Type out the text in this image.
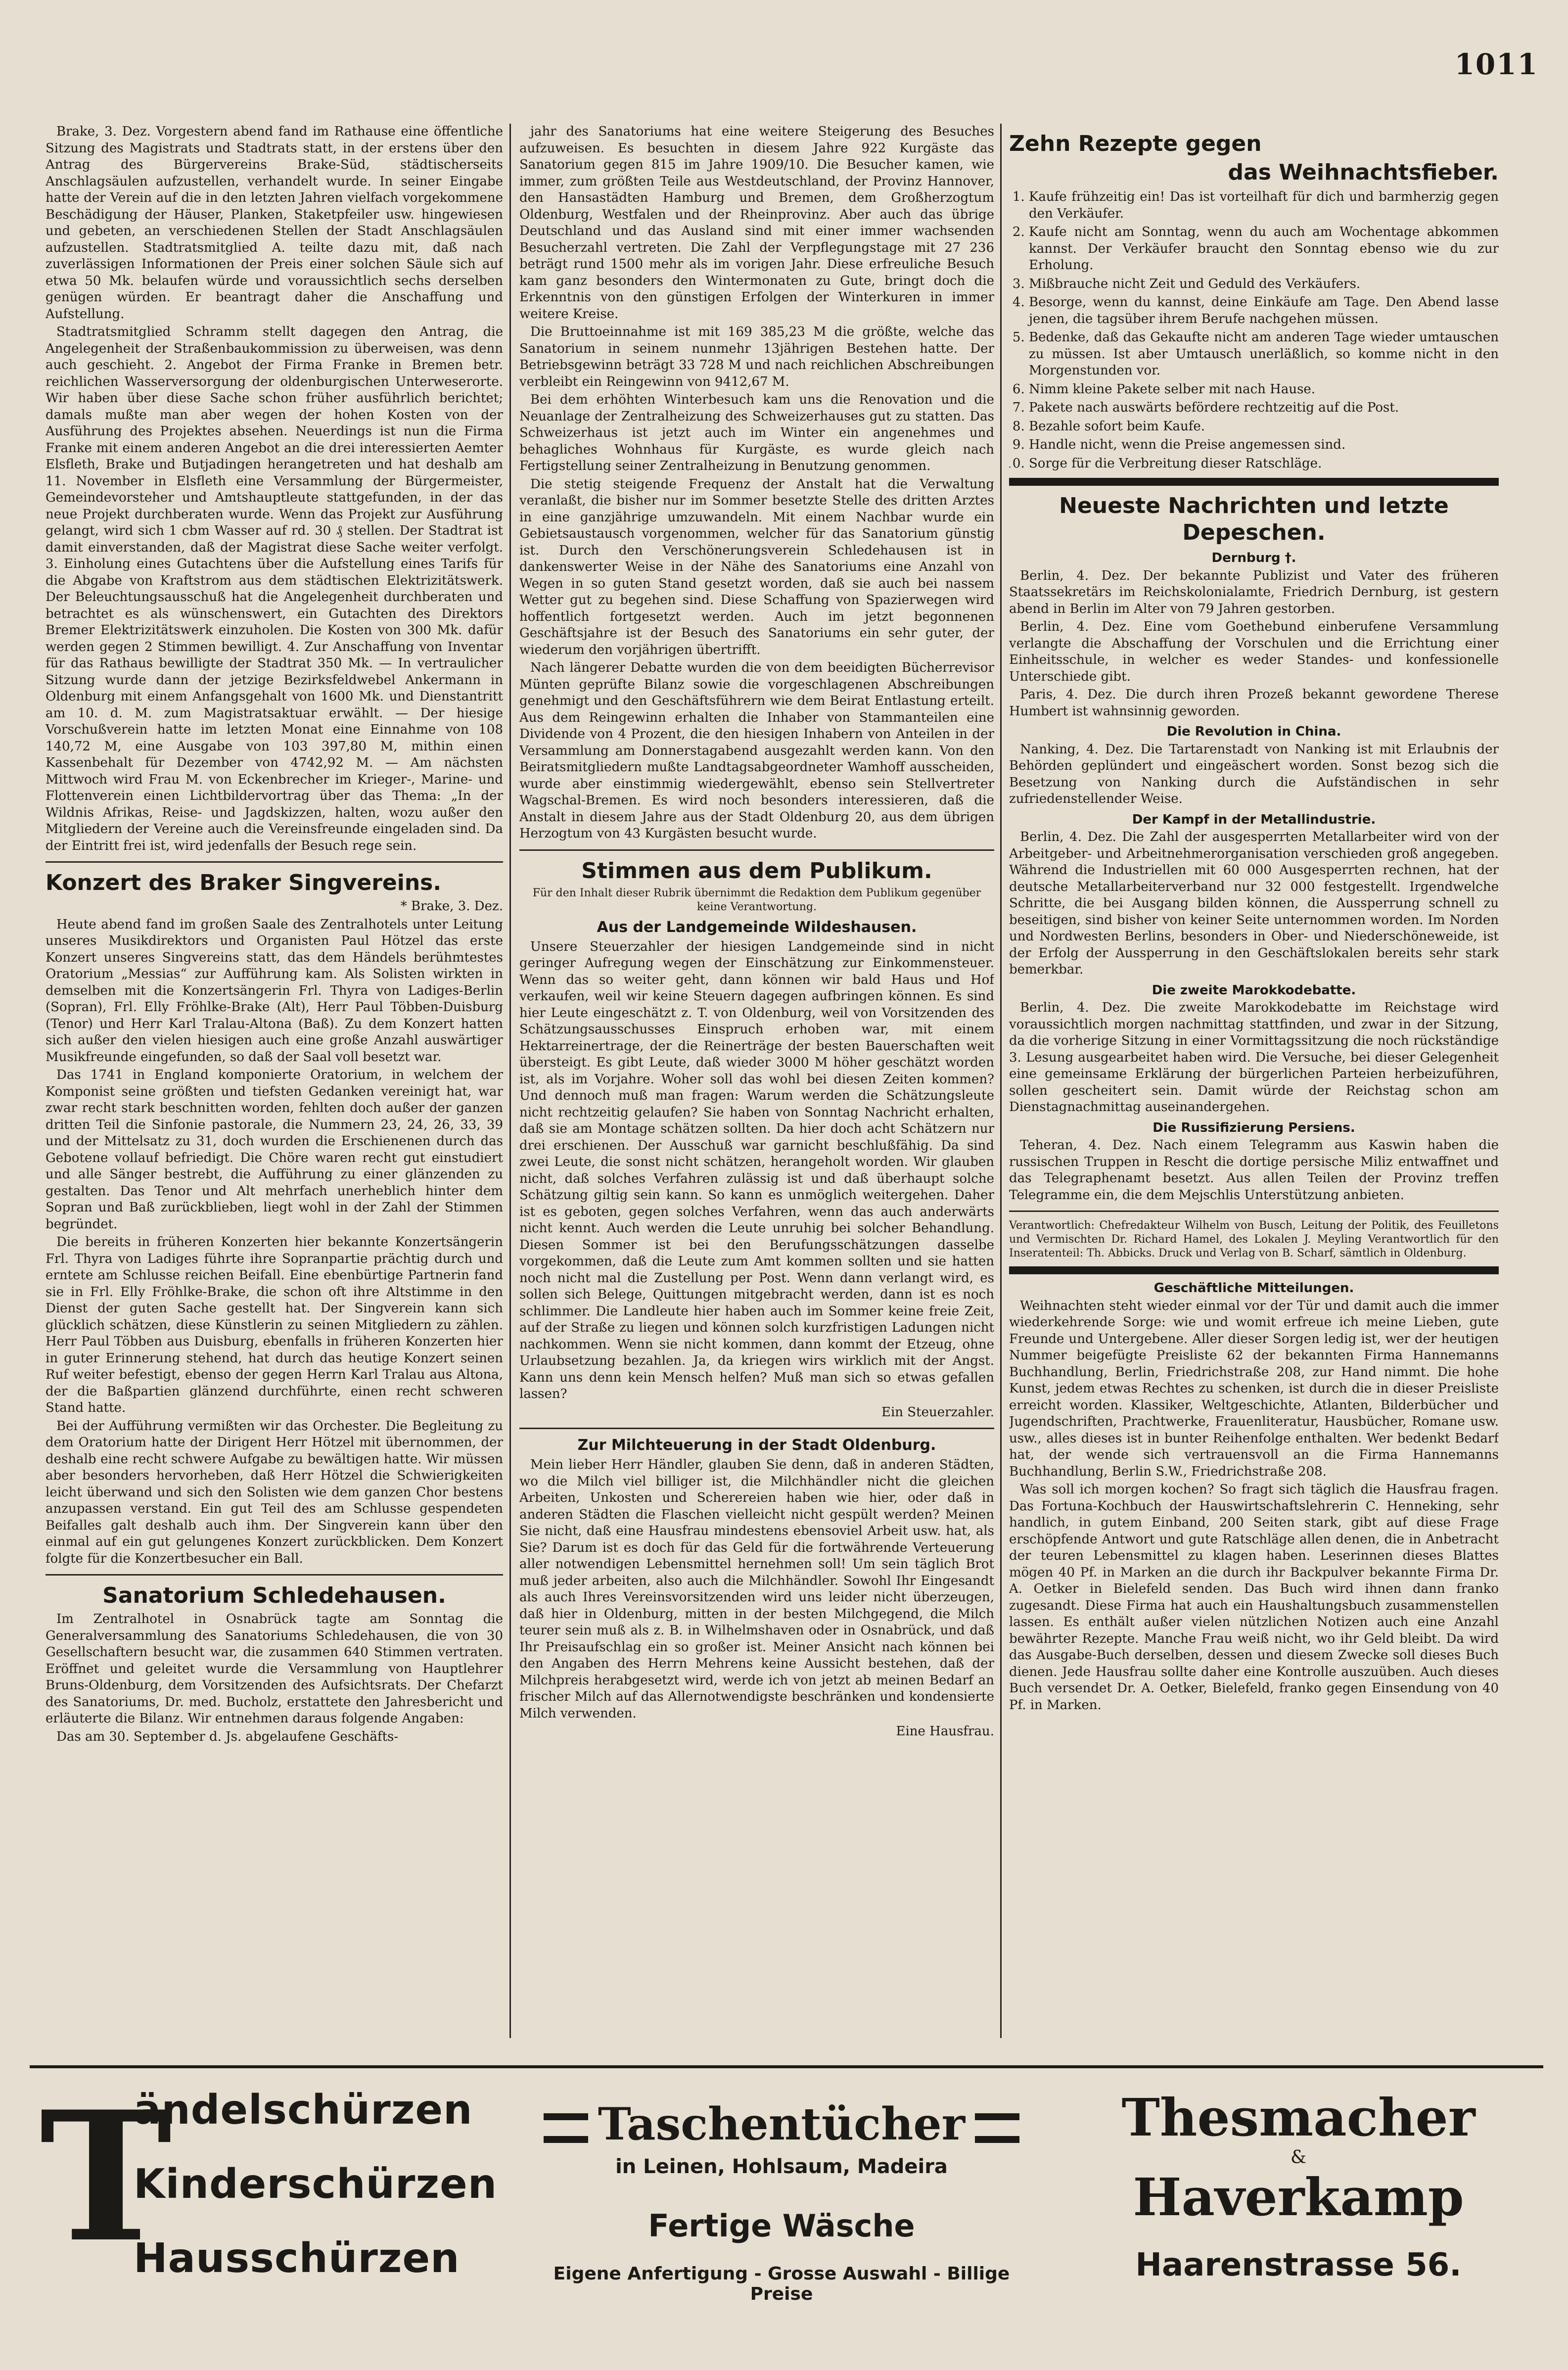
1011

Brake, 3. Dez. Vorgestern abend fand im Rathause eine öffentliche Sitzung des Magistrats und Stadtrats statt, in der erstens über den Antrag des Bürgervereins Brake-Süd, städtischerseits Anschlagsäulen aufzustellen, verhandelt wurde. In seiner Eingabe hatte der Verein auf die in den letzten Jahren vielfach vorgekommene Beschädigung der Häuser, Planken, Staketpfeiler usw. hingewiesen und gebeten, an verschiedenen Stellen der Stadt Anschlagsäulen aufzustellen. Stadtratsmitglied A. teilte dazu mit, daß nach zuverlässigen Informationen der Preis einer solchen Säule sich auf etwa 50 Mk. belaufen würde und voraussichtlich sechs derselben genügen würden. Er beantragt daher die Anschaffung und Aufstellung.

Stadtratsmitglied Schramm stellt dagegen den Antrag, die Angelegenheit der Straßenbaukommission zu überweisen, was denn auch geschieht. 2. Angebot der Firma Franke in Bremen betr. reichlichen Wasserversorgung der oldenburgischen Unterweserorte. Wir haben über diese Sache schon früher ausführlich berichtet; damals mußte man aber wegen der hohen Kosten von der Ausführung des Projektes absehen. Neuerdings ist nun die Firma Franke mit einem anderen Angebot an die drei interessierten Aemter Elsfleth, Brake und Butjadingen herangetreten und hat deshalb am 11. November in Elsfleth eine Versammlung der Bürgermeister, Gemeindevorsteher und Amtshauptleute stattgefunden, in der das neue Projekt durchberaten wurde. Wenn das Projekt zur Ausführung gelangt, wird sich 1 cbm Wasser auf rd. 30 ₰ stellen. Der Stadtrat ist damit einverstanden, daß der Magistrat diese Sache weiter verfolgt. 3. Einholung eines Gutachtens über die Aufstellung eines Tarifs für die Abgabe von Kraftstrom aus dem städtischen Elektrizitätswerk. Der Beleuchtungsausschuß hat die Angelegenheit durchberaten und betrachtet es als wünschenswert, ein Gutachten des Direktors Bremer Elektrizitätswerk einzuholen. Die Kosten von 300 Mk. dafür werden gegen 2 Stimmen bewilligt. 4. Zur Anschaffung von Inventar für das Rathaus bewilligte der Stadtrat 350 Mk. — In vertraulicher Sitzung wurde dann der jetzige Bezirksfeldwebel Ankermann in Oldenburg mit einem Anfangsgehalt von 1600 Mk. und Dienstantritt am 10. d. M. zum Magistratsaktuar erwählt. — Der hiesige Vorschußverein hatte im letzten Monat eine Einnahme von 108 140,72 M, eine Ausgabe von 103 397,80 M, mithin einen Kassenbehalt für Dezember von 4742,92 M. — Am nächsten Mittwoch wird Frau M. von Eckenbrecher im Krieger-, Marine- und Flottenverein einen Lichtbildervortrag über das Thema: „In der Wildnis Afrikas, Reise- und Jagdskizzen, halten, wozu außer den Mitgliedern der Vereine auch die Vereinsfreunde eingeladen sind. Da der Eintritt frei ist, wird jedenfalls der Besuch rege sein.

Konzert des Braker Singvereins.

* Brake, 3. Dez.

Heute abend fand im großen Saale des Zentralhotels unter Leitung unseres Musikdirektors und Organisten Paul Hötzel das erste Konzert unseres Singvereins statt, das dem Händels berühmtestes Oratorium „Messias“ zur Aufführung kam. Als Solisten wirkten in demselben mit die Konzertsängerin Frl. Thyra von Ladiges-Berlin (Sopran), Frl. Elly Fröhlke-Brake (Alt), Herr Paul Többen-Duisburg (Tenor) und Herr Karl Tralau-Altona (Baß). Zu dem Konzert hatten sich außer den vielen hiesigen auch eine große Anzahl auswärtiger Musikfreunde eingefunden, so daß der Saal voll besetzt war.

Das 1741 in England komponierte Oratorium, in welchem der Komponist seine größten und tiefsten Gedanken vereinigt hat, war zwar recht stark beschnitten worden, fehlten doch außer der ganzen dritten Teil die Sinfonie pastorale, die Nummern 23, 24, 26, 33, 39 und der Mittelsatz zu 31, doch wurden die Erschienenen durch das Gebotene vollauf befriedigt. Die Chöre waren recht gut einstudiert und alle Sänger bestrebt, die Aufführung zu einer glänzenden zu gestalten. Das Tenor und Alt mehrfach unerheblich hinter dem Sopran und Baß zurückblieben, liegt wohl in der Zahl der Stimmen begründet.

Die bereits in früheren Konzerten hier bekannte Konzertsängerin Frl. Thyra von Ladiges führte ihre Sopranpartie prächtig durch und erntete am Schlusse reichen Beifall. Eine ebenbürtige Partnerin fand sie in Frl. Elly Fröhlke-Brake, die schon oft ihre Altstimme in den Dienst der guten Sache gestellt hat. Der Singverein kann sich glücklich schätzen, diese Künstlerin zu seinen Mitgliedern zu zählen. Herr Paul Többen aus Duisburg, ebenfalls in früheren Konzerten hier in guter Erinnerung stehend, hat durch das heutige Konzert seinen Ruf weiter befestigt, ebenso der gegen Herrn Karl Tralau aus Altona, der die Baßpartien glänzend durchführte, einen recht schweren Stand hatte.

Bei der Aufführung vermißten wir das Orchester. Die Begleitung zu dem Oratorium hatte der Dirigent Herr Hötzel mit übernommen, der deshalb eine recht schwere Aufgabe zu bewältigen hatte. Wir müssen aber besonders hervorheben, daß Herr Hötzel die Schwierigkeiten leicht überwand und sich den Solisten wie dem ganzen Chor bestens anzupassen verstand. Ein gut Teil des am Schlusse gespendeten Beifalles galt deshalb auch ihm. Der Singverein kann über den einmal auf ein gut gelungenes Konzert zurückblicken. Dem Konzert folgte für die Konzertbesucher ein Ball.

Sanatorium Schledehausen.

Im Zentralhotel in Osnabrück tagte am Sonntag die Generalversammlung des Sanatoriums Schledehausen, die von 30 Gesellschaftern besucht war, die zusammen 640 Stimmen vertraten. Eröffnet und geleitet wurde die Versammlung von Hauptlehrer Bruns-Oldenburg, dem Vorsitzenden des Aufsichtsrats. Der Chefarzt des Sanatoriums, Dr. med. Bucholz, erstattete den Jahresbericht und erläuterte die Bilanz. Wir entnehmen daraus folgende Angaben:

Das am 30. September d. Js. abgelaufene Geschäfts-

jahr des Sanatoriums hat eine weitere Steigerung des Besuches aufzuweisen. Es besuchten in diesem Jahre 922 Kurgäste das Sanatorium gegen 815 im Jahre 1909/10. Die Besucher kamen, wie immer, zum größten Teile aus Westdeutschland, der Provinz Hannover, den Hansastädten Hamburg und Bremen, dem Großherzogtum Oldenburg, Westfalen und der Rheinprovinz. Aber auch das übrige Deutschland und das Ausland sind mit einer immer wachsenden Besucherzahl vertreten. Die Zahl der Verpflegungstage mit 27 236 beträgt rund 1500 mehr als im vorigen Jahr. Diese erfreuliche Besuch kam ganz besonders den Wintermonaten zu Gute, bringt doch die Erkenntnis von den günstigen Erfolgen der Winterkuren in immer weitere Kreise.

Die Bruttoeinnahme ist mit 169 385,23 M die größte, welche das Sanatorium in seinem nunmehr 13jährigen Bestehen hatte. Der Betriebsgewinn beträgt 33 728 M und nach reichlichen Abschreibungen verbleibt ein Reingewinn von 9412,67 M.

Bei dem erhöhten Winterbesuch kam uns die Renovation und die Neuanlage der Zentralheizung des Schweizerhauses gut zu statten. Das Schweizerhaus ist jetzt auch im Winter ein angenehmes und behagliches Wohnhaus für Kurgäste, es wurde gleich nach Fertigstellung seiner Zentralheizung in Benutzung genommen.

Die stetig steigende Frequenz der Anstalt hat die Verwaltung veranlaßt, die bisher nur im Sommer besetzte Stelle des dritten Arztes in eine ganzjährige umzuwandeln. Mit einem Nachbar wurde ein Gebietsaustausch vorgenommen, welcher für das Sanatorium günstig ist. Durch den Verschönerungsverein Schledehausen ist in dankenswerter Weise in der Nähe des Sanatoriums eine Anzahl von Wegen in so guten Stand gesetzt worden, daß sie auch bei nassem Wetter gut zu begehen sind. Diese Schaffung von Spazierwegen wird hoffentlich fortgesetzt werden. Auch im jetzt begonnenen Geschäftsjahre ist der Besuch des Sanatoriums ein sehr guter, der wiederum den vorjährigen übertrifft.

Nach längerer Debatte wurden die von dem beeidigten Bücherrevisor Münten geprüfte Bilanz sowie die vorgeschlagenen Abschreibungen genehmigt und den Geschäftsführern wie dem Beirat Entlastung erteilt. Aus dem Reingewinn erhalten die Inhaber von Stammanteilen eine Dividende von 4 Prozent, die den hiesigen Inhabern von Anteilen in der Versammlung am Donnerstagabend ausgezahlt werden kann. Von den Beiratsmitgliedern mußte Landtagsabgeordneter Wamhoff ausscheiden, wurde aber einstimmig wiedergewählt, ebenso sein Stellvertreter Wagschal-Bremen. Es wird noch besonders interessieren, daß die Anstalt in diesem Jahre aus der Stadt Oldenburg 20, aus dem übrigen Herzogtum von 43 Kurgästen besucht wurde.

Stimmen aus dem Publikum.

Für den Inhalt dieser Rubrik übernimmt die Redaktion dem Publikum gegenüber keine Verantwortung.

Aus der Landgemeinde Wildeshausen.

Unsere Steuerzahler der hiesigen Landgemeinde sind in nicht geringer Aufregung wegen der Einschätzung zur Einkommensteuer. Wenn das so weiter geht, dann können wir bald Haus und Hof verkaufen, weil wir keine Steuern dagegen aufbringen können. Es sind hier Leute eingeschätzt z. T. von Oldenburg, weil von Vorsitzenden des Schätzungsausschusses Einspruch erhoben war, mit einem Hektarreinertrage, der die Reinerträge der besten Bauerschaften weit übersteigt. Es gibt Leute, daß wieder 3000 M höher geschätzt worden ist, als im Vorjahre. Woher soll das wohl bei diesen Zeiten kommen? Und dennoch muß man fragen: Warum werden die Schätzungsleute nicht rechtzeitig gelaufen? Sie haben von Sonntag Nachricht erhalten, daß sie am Montage schätzen sollten. Da hier doch acht Schätzern nur drei erschienen. Der Ausschuß war garnicht beschlußfähig. Da sind zwei Leute, die sonst nicht schätzen, herangeholt worden. Wir glauben nicht, daß solches Verfahren zulässig ist und daß überhaupt solche Schätzung giltig sein kann. So kann es unmöglich weitergehen. Daher ist es geboten, gegen solches Verfahren, wenn das auch anderwärts nicht kennt. Auch werden die Leute unruhig bei solcher Behandlung. Diesen Sommer ist bei den Berufungsschätzungen dasselbe vorgekommen, daß die Leute zum Amt kommen sollten und sie hatten noch nicht mal die Zustellung per Post. Wenn dann verlangt wird, es sollen sich Belege, Quittungen mitgebracht werden, dann ist es noch schlimmer. Die Landleute hier haben auch im Sommer keine freie Zeit, auf der Straße zu liegen und können solch kurzfristigen Ladungen nicht nachkommen. Wenn sie nicht kommen, dann kommt der Etzeug, ohne Urlaubsetzung bezahlen. Ja, da kriegen wirs wirklich mit der Angst. Kann uns denn kein Mensch helfen? Muß man sich so etwas gefallen lassen?

Ein Steuerzahler.

Zur Milchteuerung in der Stadt Oldenburg.

Mein lieber Herr Händler, glauben Sie denn, daß in anderen Städten, wo die Milch viel billiger ist, die Milchhändler nicht die gleichen Arbeiten, Unkosten und Scherereien haben wie hier, oder daß in anderen Städten die Flaschen vielleicht nicht gespült werden? Meinen Sie nicht, daß eine Hausfrau mindestens ebensoviel Arbeit usw. hat, als Sie? Darum ist es doch für das Geld für die fortwährende Verteuerung aller notwendigen Lebensmittel hernehmen soll! Um sein täglich Brot muß jeder arbeiten, also auch die Milchhändler. Sowohl Ihr Eingesandt als auch Ihres Vereinsvorsitzenden wird uns leider nicht überzeugen, daß hier in Oldenburg, mitten in der besten Milchgegend, die Milch teurer sein muß als z. B. in Wilhelmshaven oder in Osnabrück, und daß Ihr Preisaufschlag ein so großer ist. Meiner Ansicht nach können bei den Angaben des Herrn Mehrens keine Aussicht bestehen, daß der Milchpreis herabgesetzt wird, werde ich von jetzt ab meinen Bedarf an frischer Milch auf das Allernotwendigste beschränken und kondensierte Milch verwenden.

Eine Hausfrau.

Zehn Rezepte gegen
das Weihnachtsfieber.
1. Kaufe frühzeitig ein! Das ist vorteilhaft für dich und barmherzig gegen den Verkäufer.
2. Kaufe nicht am Sonntag, wenn du auch am Wochentage abkommen kannst. Der Verkäufer braucht den Sonntag ebenso wie du zur Erholung.
3. Mißbrauche nicht Zeit und Geduld des Verkäufers.
4. Besorge, wenn du kannst, deine Einkäufe am Tage. Den Abend lasse jenen, die tagsüber ihrem Berufe nachgehen müssen.
5. Bedenke, daß das Gekaufte nicht am anderen Tage wieder umtauschen zu müssen. Ist aber Umtausch unerläßlich, so komme nicht in den Morgenstunden vor.
6. Nimm kleine Pakete selber mit nach Hause.
7. Pakete nach auswärts befördere rechtzeitig auf die Post.
8. Bezahle sofort beim Kaufe.
9. Handle nicht, wenn die Preise angemessen sind.
10. Sorge für die Verbreitung dieser Ratschläge.
Neueste Nachrichten und letzte
Depeschen.
Dernburg †.

Berlin, 4. Dez. Der bekannte Publizist und Vater des früheren Staatssekretärs im Reichskolonialamte, Friedrich Dernburg, ist gestern abend in Berlin im Alter von 79 Jahren gestorben.

Berlin, 4. Dez. Eine vom Goethebund einberufene Versammlung verlangte die Abschaffung der Vorschulen und die Errichtung einer Einheitsschule, in welcher es weder Standes- und konfessionelle Unterschiede gibt.

Paris, 4. Dez. Die durch ihren Prozeß bekannt gewordene Therese Humbert ist wahnsinnig geworden.

Die Revolution in China.

Nanking, 4. Dez. Die Tartarenstadt von Nanking ist mit Erlaubnis der Behörden geplündert und eingeäschert worden. Sonst bezog sich die Besetzung von Nanking durch die Aufständischen in sehr zufriedenstellender Weise.

Der Kampf in der Metallindustrie.

Berlin, 4. Dez. Die Zahl der ausgesperrten Metallarbeiter wird von der Arbeitgeber- und Arbeitnehmerorganisation verschieden groß angegeben. Während die Industriellen mit 60 000 Ausgesperrten rechnen, hat der deutsche Metallarbeiterverband nur 32 000 festgestellt. Irgendwelche Schritte, die bei Ausgang bilden können, die Aussperrung schnell zu beseitigen, sind bisher von keiner Seite unternommen worden. Im Norden und Nordwesten Berlins, besonders in Ober- und Niederschöneweide, ist der Erfolg der Aussperrung in den Geschäftslokalen bereits sehr stark bemerkbar.

Die zweite Marokkodebatte.

Berlin, 4. Dez. Die zweite Marokkodebatte im Reichstage wird voraussichtlich morgen nachmittag stattfinden, und zwar in der Sitzung, da die vorherige Sitzung in einer Vormittagssitzung die noch rückständige 3. Lesung ausgearbeitet haben wird. Die Versuche, bei dieser Gelegenheit eine gemeinsame Erklärung der bürgerlichen Parteien herbeizuführen, sollen gescheitert sein. Damit würde der Reichstag schon am Dienstagnachmittag auseinandergehen.

Die Russifizierung Persiens.

Teheran, 4. Dez. Nach einem Telegramm aus Kaswin haben die russischen Truppen in Rescht die dortige persische Miliz entwaffnet und das Telegraphenamt besetzt. Aus allen Teilen der Provinz treffen Telegramme ein, die dem Mejschlis Unterstützung anbieten.

Verantwortlich: Chefredakteur Wilhelm von Busch, Leitung der Politik, des Feuilletons und Vermischten Dr. Richard Hamel, des Lokalen J. Meyling Verantwortlich für den Inseratenteil: Th. Abbicks. Druck und Verlag von B. Scharf, sämtlich in Oldenburg.

Geschäftliche Mitteilungen.

Weihnachten steht wieder einmal vor der Tür und damit auch die immer wiederkehrende Sorge: wie und womit erfreue ich meine Lieben, gute Freunde und Untergebene. Aller dieser Sorgen ledig ist, wer der heutigen Nummer beigefügte Preisliste 62 der bekannten Firma Hannemanns Buchhandlung, Berlin, Friedrichstraße 208, zur Hand nimmt. Die hohe Kunst, jedem etwas Rechtes zu schenken, ist durch die in dieser Preisliste erreicht worden. Klassiker, Weltgeschichte, Atlanten, Bilderbücher und Jugendschriften, Prachtwerke, Frauenliteratur, Hausbücher, Romane usw. usw., alles dieses ist in bunter Reihenfolge enthalten. Wer bedenkt Bedarf hat, der wende sich vertrauensvoll an die Firma Hannemanns Buchhandlung, Berlin S.W., Friedrichstraße 208.

Was soll ich morgen kochen? So fragt sich täglich die Hausfrau fragen. Das Fortuna-Kochbuch der Hauswirtschaftslehrerin C. Henneking, sehr handlich, in gutem Einband, 200 Seiten stark, gibt auf diese Frage erschöpfende Antwort und gute Ratschläge allen denen, die in Anbetracht der teuren Lebensmittel zu klagen haben. Leserinnen dieses Blattes mögen 40 Pf. in Marken an die durch ihr Backpulver bekannte Firma Dr. A. Oetker in Bielefeld senden. Das Buch wird ihnen dann franko zugesandt. Diese Firma hat auch ein Haushaltungsbuch zusammenstellen lassen. Es enthält außer vielen nützlichen Notizen auch eine Anzahl bewährter Rezepte. Manche Frau weiß nicht, wo ihr Geld bleibt. Da wird das Ausgabe-Buch derselben, dessen und diesem Zwecke soll dieses Buch dienen. Jede Hausfrau sollte daher eine Kontrolle auszuüben. Auch dieses Buch versendet Dr. A. Oetker, Bielefeld, franko gegen Einsendung von 40 Pf. in Marken.

T
ändelschürzen
Kinderschürzen
Hausschürzen
Taschentücher
in Leinen, Hohlsaum, Madeira
Fertige Wäsche
Eigene Anfertigung - Grosse Auswahl - Billige Preise
Thesmacher
&
Haverkamp
Haarenstrasse 56.
